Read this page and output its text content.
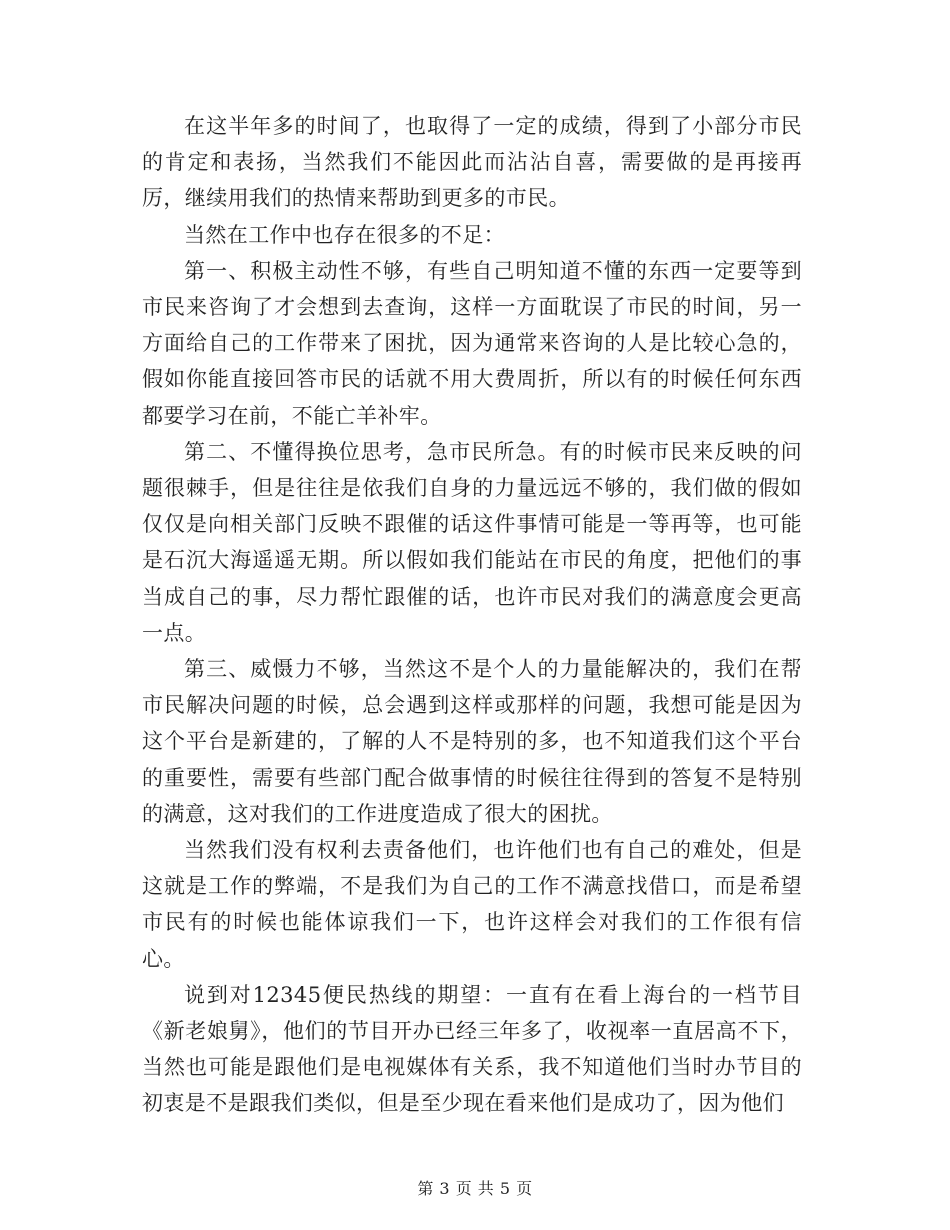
在这半年多的时间了，也取得了一定的成绩，得到了小部分市民的肯定和表扬，当然我们不能因此而沾沾自喜，需要做的是再接再厉，继续用我们的热情来帮助到更多的市民。

当然在工作中也存在很多的不足：

第一、积极主动性不够，有些自己明知道不懂的东西一定要等到市民来咨询了才会想到去查询，这样一方面耽误了市民的时间，另一方面给自己的工作带来了困扰，因为通常来咨询的人是比较心急的，假如你能直接回答市民的话就不用大费周折，所以有的时候任何东西都要学习在前，不能亡羊补牢。

第二、不懂得换位思考，急市民所急。有的时候市民来反映的问题很棘手，但是往往是依我们自身的力量远远不够的，我们做的假如仅仅是向相关部门反映不跟催的话这件事情可能是一等再等，也可能是石沉大海遥遥无期。所以假如我们能站在市民的角度，把他们的事当成自己的事，尽力帮忙跟催的话，也许市民对我们的满意度会更高一点。

第三、威慑力不够，当然这不是个人的力量能解决的，我们在帮市民解决问题的时候，总会遇到这样或那样的问题，我想可能是因为这个平台是新建的，了解的人不是特别的多，也不知道我们这个平台的重要性，需要有些部门配合做事情的时候往往得到的答复不是特别的满意，这对我们的工作进度造成了很大的困扰。

当然我们没有权利去责备他们，也许他们也有自己的难处，但是这就是工作的弊端，不是我们为自己的工作不满意找借口，而是希望市民有的时候也能体谅我们一下，也许这样会对我们的工作很有信心。

说到对12345便民热线的期望：一直有在看上海台的一档节目《新老娘舅》，他们的节目开办已经三年多了，收视率一直居高不下，当然也可能是跟他们是电视媒体有关系，我不知道他们当时办节目的初衷是不是跟我们类似，但是至少现在看来他们是成功了，因为他们

第 3 页 共 5 页
